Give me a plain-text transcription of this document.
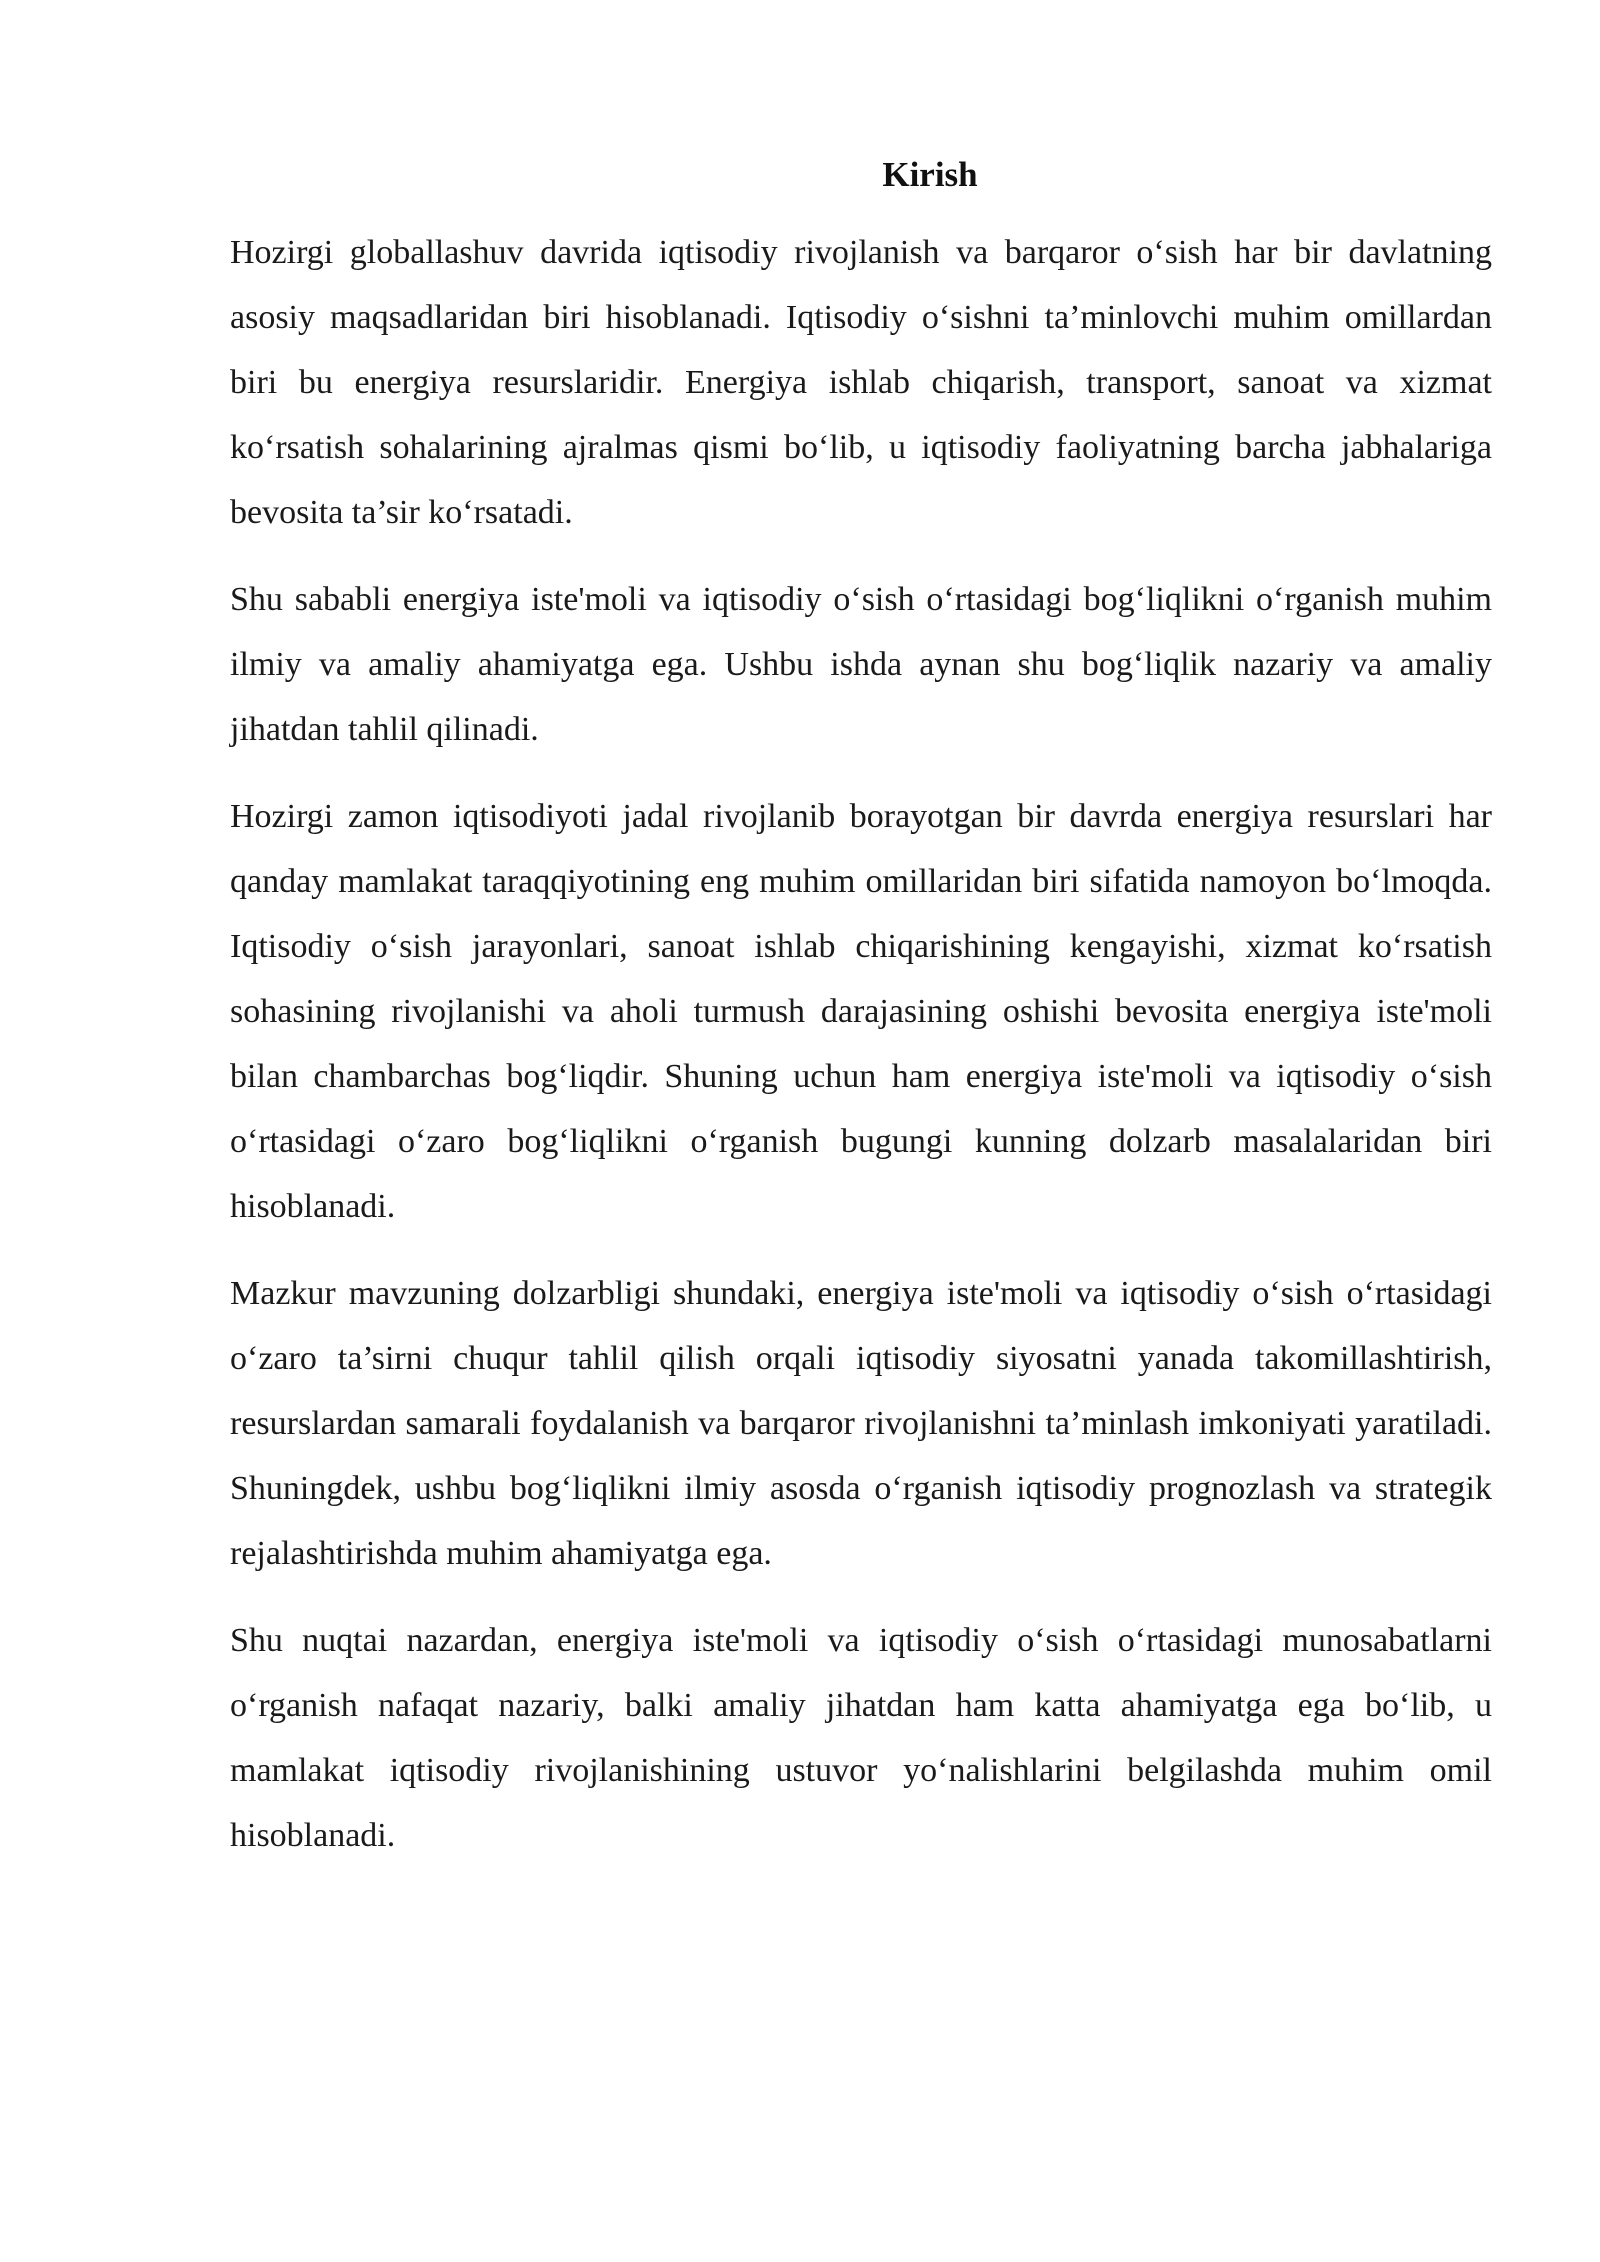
Kirish

Hozirgi globallashuv davrida iqtisodiy rivojlanish va barqaror o‘sish har bir davlatning asosiy maqsadlaridan biri hisoblanadi. Iqtisodiy o‘sishni ta’minlovchi muhim omillardan biri bu energiya resurslaridir. Energiya ishlab chiqarish, transport, sanoat va xizmat ko‘rsatish sohalarining ajralmas qismi bo‘lib, u iqtisodiy faoliyatning barcha jabhalariga bevosita ta’sir ko‘rsatadi.

Shu sababli energiya iste'moli va iqtisodiy o‘sish o‘rtasidagi bog‘liqlikni o‘rganish muhim ilmiy va amaliy ahamiyatga ega. Ushbu ishda aynan shu bog‘liqlik nazariy va amaliy jihatdan tahlil qilinadi.

Hozirgi zamon iqtisodiyoti jadal rivojlanib borayotgan bir davrda energiya resurslari har qanday mamlakat taraqqiyotining eng muhim omillaridan biri sifatida namoyon bo‘lmoqda. Iqtisodiy o‘sish jarayonlari, sanoat ishlab chiqarishining kengayishi, xizmat ko‘rsatish sohasining rivojlanishi va aholi turmush darajasining oshishi bevosita energiya iste'moli bilan chambarchas bog‘liqdir. Shuning uchun ham energiya iste'moli va iqtisodiy o‘sish o‘rtasidagi o‘zaro bog‘liqlikni o‘rganish bugungi kunning dolzarb masalalaridan biri hisoblanadi.

Mazkur mavzuning dolzarbligi shundaki, energiya iste'moli va iqtisodiy o‘sish o‘rtasidagi o‘zaro ta’sirni chuqur tahlil qilish orqali iqtisodiy siyosatni yanada takomillashtirish, resurslardan samarali foydalanish va barqaror rivojlanishni ta’minlash imkoniyati yaratiladi. Shuningdek, ushbu bog‘liqlikni ilmiy asosda o‘rganish iqtisodiy prognozlash va strategik rejalashtirishda muhim ahamiyatga ega.

Shu nuqtai nazardan, energiya iste'moli va iqtisodiy o‘sish o‘rtasidagi munosabatlarni o‘rganish nafaqat nazariy, balki amaliy jihatdan ham katta ahamiyatga ega bo‘lib, u mamlakat iqtisodiy rivojlanishining ustuvor yo‘nalishlarini belgilashda muhim omil hisoblanadi.
